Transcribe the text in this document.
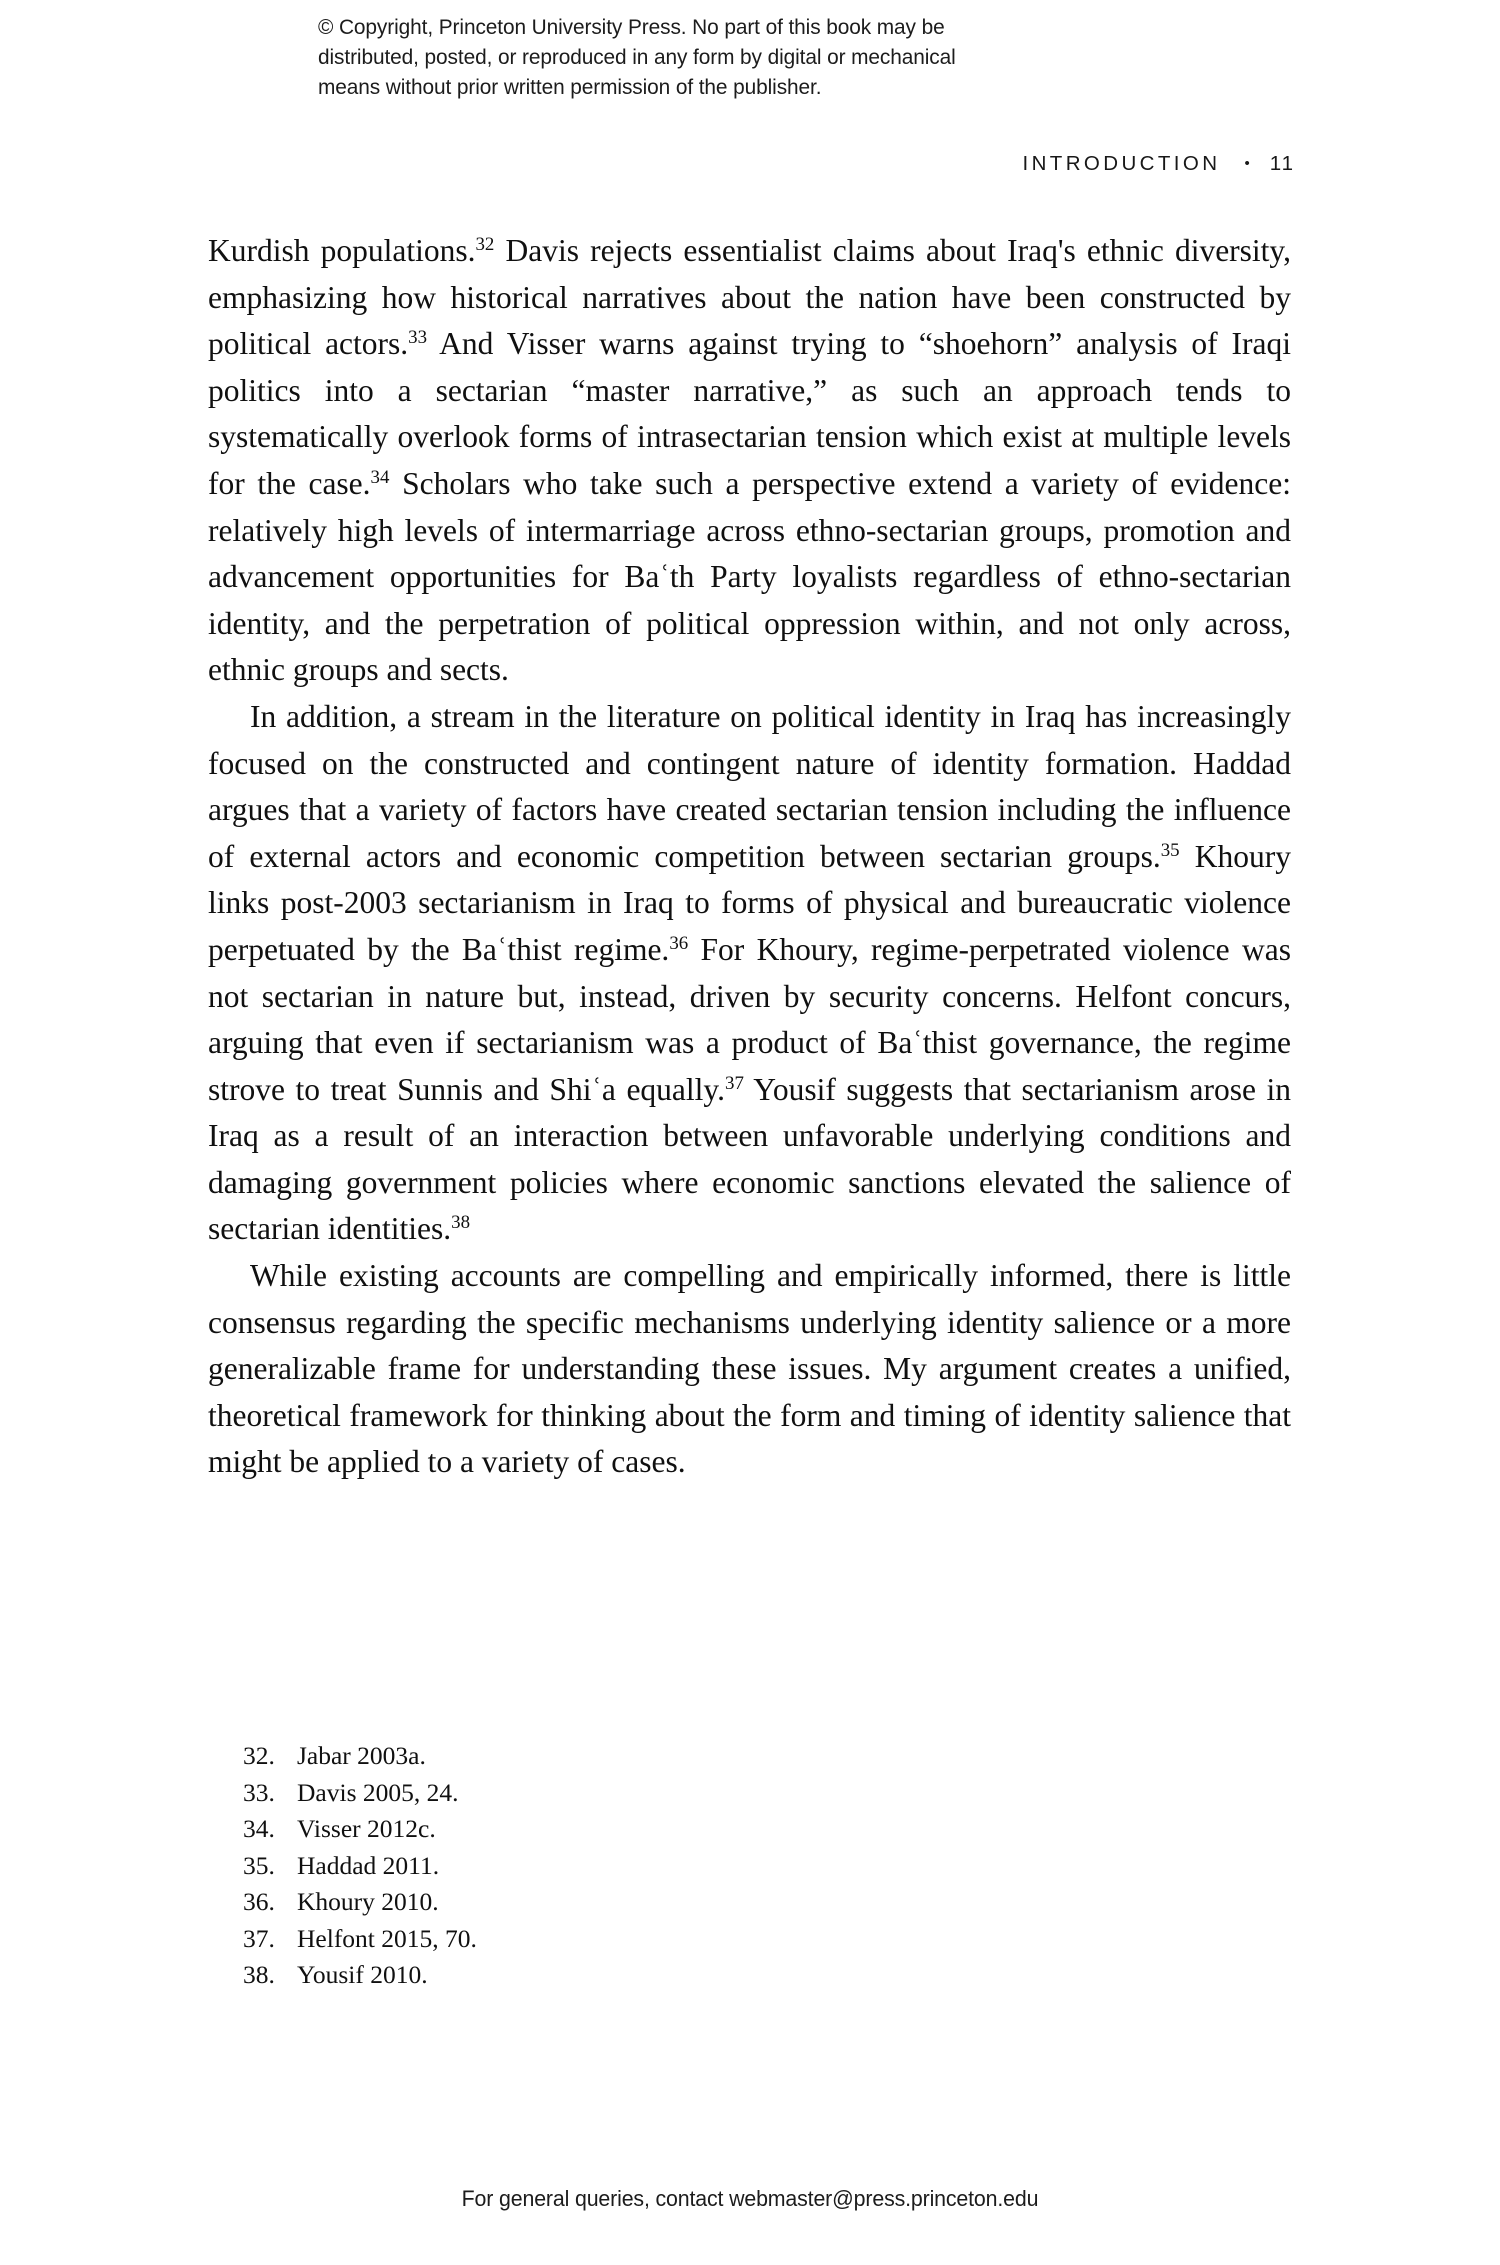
© Copyright, Princeton University Press. No part of this book may be
distributed, posted, or reproduced in any form by digital or mechanical
means without prior written permission of the publisher.
INTRODUCTION • 11

Kurdish populations.$^{32}$ Davis rejects essentialist claims about Iraq's ethnic diversity, emphasizing how historical narratives about the nation have been constructed by political actors.$^{33}$ And Visser warns against trying to “shoehorn” analysis of Iraqi politics into a sectarian “master narrative,” as such an approach tends to systematically overlook forms of intrasectarian tension which exist at multiple levels for the case.$^{34}$ Scholars who take such a perspective extend a variety of evidence: relatively high levels of intermarriage across ethno-sectarian groups, promotion and advancement opportunities for Baʿth Party loyalists regardless of ethno-sectarian identity, and the perpetration of political oppression within, and not only across, ethnic groups and sects.

In addition, a stream in the literature on political identity in Iraq has increasingly focused on the constructed and contingent nature of identity formation. Haddad argues that a variety of factors have created sectarian tension including the influence of external actors and economic competition between sectarian groups.$^{35}$ Khoury links post-2003 sectarianism in Iraq to forms of physical and bureaucratic violence perpetuated by the Baʿthist regime.$^{36}$ For Khoury, regime-perpetrated violence was not sectarian in nature but, instead, driven by security concerns. Helfont concurs, arguing that even if sectarianism was a product of Baʿthist governance, the regime strove to treat Sunnis and Shiʿa equally.$^{37}$ Yousif suggests that sectarianism arose in Iraq as a result of an interaction between unfavorable underlying conditions and damaging government policies where economic sanctions elevated the salience of sectarian identities.$^{38}$

While existing accounts are compelling and empirically informed, there is little consensus regarding the specific mechanisms underlying identity salience or a more generalizable frame for understanding these issues. My argument creates a unified, theoretical framework for thinking about the form and timing of identity salience that might be applied to a variety of cases.

32. Jabar 2003a.
33. Davis 2005, 24.
34. Visser 2012c.
35. Haddad 2011.
36. Khoury 2010.
37. Helfont 2015, 70.
38. Yousif 2010.
For general queries, contact webmaster@press.princeton.edu
